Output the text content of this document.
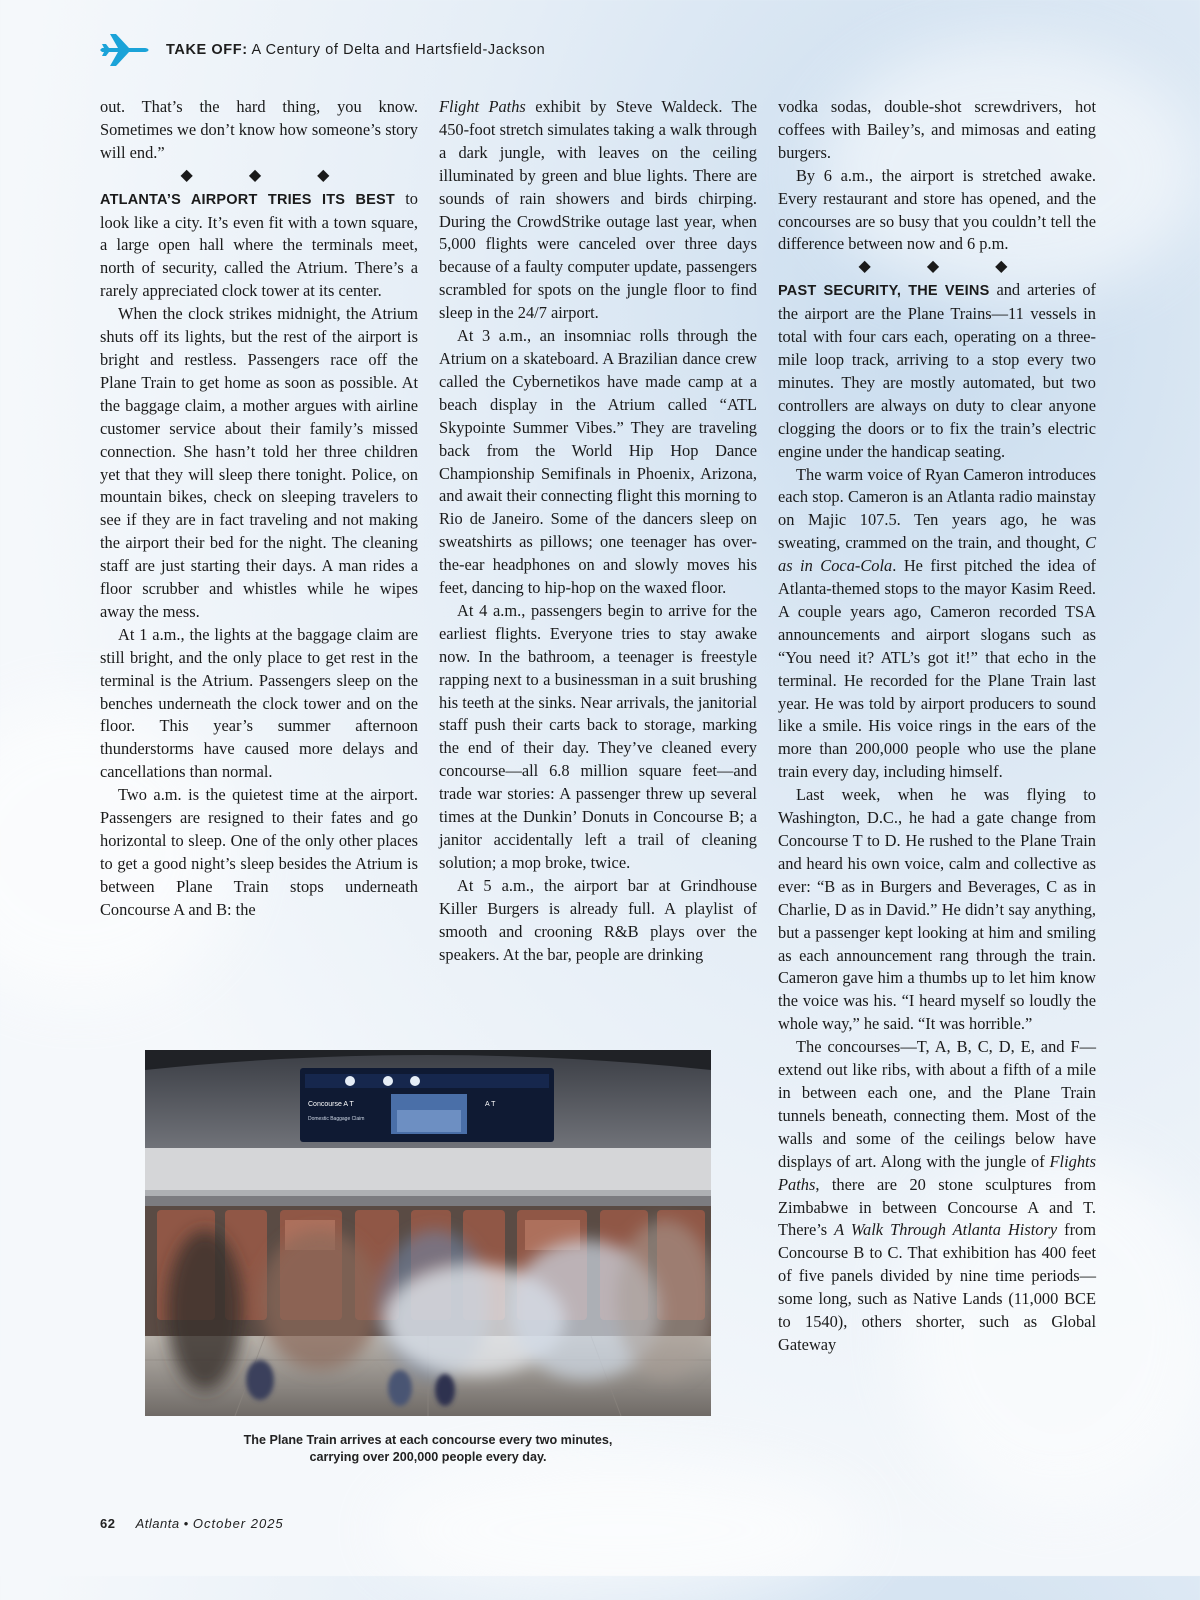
TAKE OFF: A Century of Delta and Hartsfield-Jackson

out. That’s the hard thing, you know. Sometimes we don’t know how someone’s story will end.”

◆ ◆ ◆

ATLANTA’S AIRPORT TRIES ITS BEST to look like a city. It’s even fit with a town square, a large open hall where the terminals meet, north of security, called the Atrium. There’s a rarely appreciated clock tower at its center.

When the clock strikes midnight, the Atrium shuts off its lights, but the rest of the airport is bright and restless. Passengers race off the Plane Train to get home as soon as possible. At the baggage claim, a mother argues with airline customer service about their family’s missed connection. She hasn’t told her three children yet that they will sleep there tonight. Police, on mountain bikes, check on sleeping travelers to see if they are in fact traveling and not making the airport their bed for the night. The cleaning staff are just starting their days. A man rides a floor scrubber and whistles while he wipes away the mess.

At 1 a.m., the lights at the baggage claim are still bright, and the only place to get rest in the terminal is the Atrium. Passengers sleep on the benches underneath the clock tower and on the floor. This year’s summer afternoon thunderstorms have caused more delays and cancellations than normal.

Two a.m. is the quietest time at the airport. Passengers are resigned to their fates and go horizontal to sleep. One of the only other places to get a good night’s sleep besides the Atrium is between Plane Train stops underneath Concourse A and B: the

Flight Paths exhibit by Steve Waldeck. The 450-foot stretch simulates taking a walk through a dark jungle, with leaves on the ceiling illuminated by green and blue lights. There are sounds of rain showers and birds chirping. During the CrowdStrike outage last year, when 5,000 flights were canceled over three days because of a faulty computer update, passengers scrambled for spots on the jungle floor to find sleep in the 24/7 airport.

At 3 a.m., an insomniac rolls through the Atrium on a skateboard. A Brazilian dance crew called the Cybernetikos have made camp at a beach display in the Atrium called “ATL Skypointe Summer Vibes.” They are traveling back from the World Hip Hop Dance Championship Semifinals in Phoenix, Arizona, and await their connecting flight this morning to Rio de Janeiro. Some of the dancers sleep on sweatshirts as pillows; one teenager has over-the-ear headphones on and slowly moves his feet, dancing to hip-hop on the waxed floor.

At 4 a.m., passengers begin to arrive for the earliest flights. Everyone tries to stay awake now. In the bathroom, a teenager is freestyle rapping next to a businessman in a suit brushing his teeth at the sinks. Near arrivals, the janitorial staff push their carts back to storage, marking the end of their day. They’ve cleaned every concourse—all 6.8 million square feet—and trade war stories: A passenger threw up several times at the Dunkin’ Donuts in Concourse B; a janitor accidentally left a trail of cleaning solution; a mop broke, twice.

At 5 a.m., the airport bar at Grindhouse Killer Burgers is already full. A playlist of smooth and crooning R&B plays over the speakers. At the bar, people are drinking

vodka sodas, double-shot screwdrivers, hot coffees with Bailey’s, and mimosas and eating burgers.

By 6 a.m., the airport is stretched awake. Every restaurant and store has opened, and the concourses are so busy that you couldn’t tell the difference between now and 6 p.m.

◆ ◆ ◆

PAST SECURITY, THE VEINS and arteries of the airport are the Plane Trains—11 vessels in total with four cars each, operating on a three-mile loop track, arriving to a stop every two minutes. They are mostly automated, but two controllers are always on duty to clear anyone clogging the doors or to fix the train’s electric engine under the handicap seating.

The warm voice of Ryan Cameron introduces each stop. Cameron is an Atlanta radio mainstay on Majic 107.5. Ten years ago, he was sweating, crammed on the train, and thought, C as in Coca-Cola. He first pitched the idea of Atlanta-themed stops to the mayor Kasim Reed. A couple years ago, Cameron recorded TSA announcements and airport slogans such as “You need it? ATL’s got it!” that echo in the terminal. He recorded for the Plane Train last year. He was told by airport producers to sound like a smile. His voice rings in the ears of the more than 200,000 people who use the plane train every day, including himself.

Last week, when he was flying to Washington, D.C., he had a gate change from Concourse T to D. He rushed to the Plane Train and heard his own voice, calm and collective as ever: “B as in Burgers and Beverages, C as in Charlie, D as in David.” He didn’t say anything, but a passenger kept looking at him and smiling as each announcement rang through the train. Cameron gave him a thumbs up to let him know the voice was his. “I heard myself so loudly the whole way,” he said. “It was horrible.”

The concourses—T, A, B, C, D, E, and F—extend out like ribs, with about a fifth of a mile in between each one, and the Plane Train tunnels beneath, connecting them. Most of the walls and some of the ceilings below have displays of art. Along with the jungle of Flights Paths, there are 20 stone sculptures from Zimbabwe in between Concourse A and T. There’s A Walk Through Atlanta History from Concourse B to C. That exhibition has 400 feet of five panels divided by nine time periods—some long, such as Native Lands (11,000 BCE to 1540), others shorter, such as Global Gateway

Concourse A T
Domestic Baggage Claim
A T
The Plane Train arrives at each concourse every two minutes,
carrying over 200,000 people every day.
62 Atlanta • October 2025
